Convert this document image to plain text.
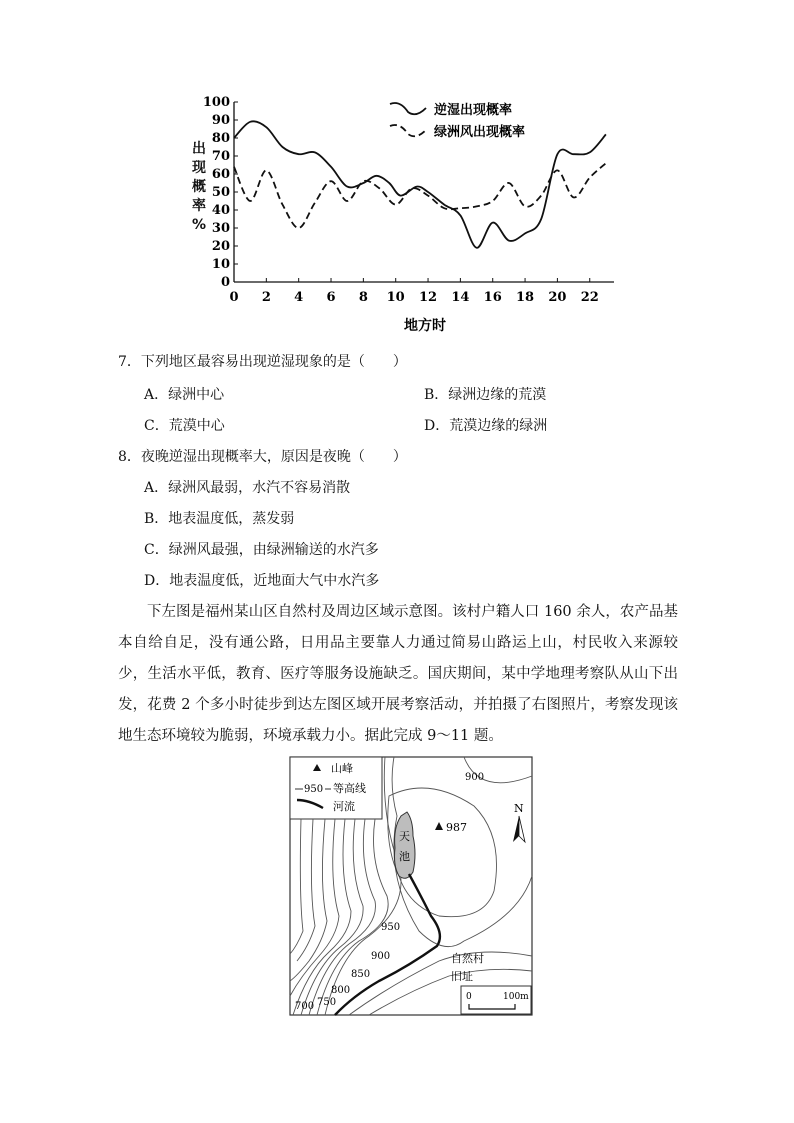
0
10
20
30
40
50
60
70
80
90
100
0 2 4 6 8 10 12 14 16 18 20 22
逆湿出现概率
绿洲风出现概率
地方时
出
现
概
率
%
7．下列地区最容易出现逆湿现象的是（　　）
A．绿洲中心	B．绿洲边缘的荒漠
C．荒漠中心	D．荒漠边缘的绿洲
8．夜晚逆湿出现概率大，原因是夜晚（　　）
A．绿洲风最弱，水汽不容易消散
B．地表温度低，蒸发弱
C．绿洲风最强，由绿洲输送的水汽多
D．地表温度低，近地面大气中水汽多
下左图是福州某山区自然村及周边区域示意图。该村户籍人口 160 余人，农产品基本自给自足，没有通公路，日用品主要靠人力通过简易山路运上山，村民收入来源较少，生活水平低，教育、医疗等服务设施缺乏。国庆期间，某中学地理考察队从山下出发，花费 2 个多小时徒步到达左图区域开展考察活动，并拍摄了右图照片，考察发现该地生态环境较为脆弱，环境承载力小。据此完成 9～11 题。
山峰
950 等高线
河流
天
池
987
900
950
900
850
800
750
700
N
自然村
旧址
0	100m
